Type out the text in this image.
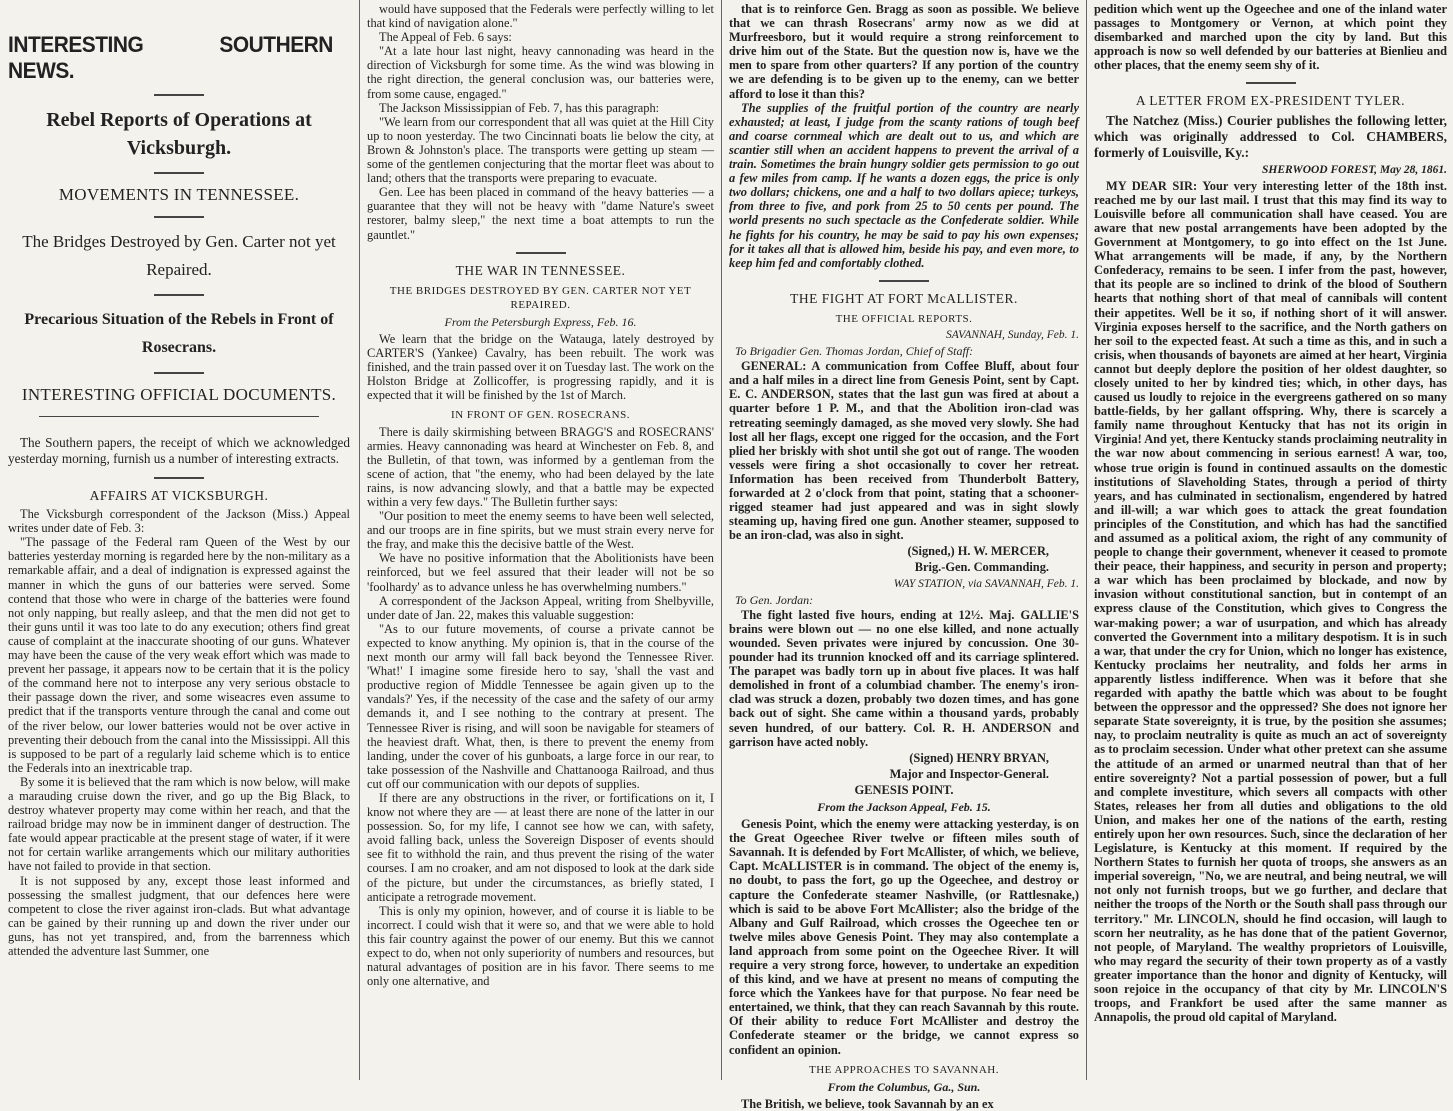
INTERESTING SOUTHERN NEWS.
Rebel Reports of Operations at Vicksburgh.
MOVEMENTS IN TENNESSEE.
The Bridges Destroyed by Gen. Carter not yet Repaired.
Precarious Situation of the Rebels in Front of Rosecrans.
INTERESTING OFFICIAL DOCUMENTS.
The Southern papers, the receipt of which we acknowledged yesterday morning, furnish us a number of interesting extracts.
AFFAIRS AT VICKSBURGH.

The Vicksburgh correspondent of the Jackson (Miss.) Appeal writes under date of Feb. 3:

"The passage of the Federal ram Queen of the West by our batteries yesterday morning is regarded here by the non-military as a remarkable affair, and a deal of indignation is expressed against the manner in which the guns of our batteries were served. Some contend that those who were in charge of the batteries were found not only napping, but really asleep, and that the men did not get to their guns until it was too late to do any execution; others find great cause of complaint at the inaccurate shooting of our guns. Whatever may have been the cause of the very weak effort which was made to prevent her passage, it appears now to be certain that it is the policy of the command here not to interpose any very serious obstacle to their passage down the river, and some wiseacres even assume to predict that if the transports venture through the canal and come out of the river below, our lower batteries would not be over active in preventing their debouch from the canal into the Mississippi. All this is supposed to be part of a regularly laid scheme which is to entice the Federals into an inextricable trap.

By some it is believed that the ram which is now below, will make a marauding cruise down the river, and go up the Big Black, to destroy whatever property may come within her reach, and that the railroad bridge may now be in imminent danger of destruction. The fate would appear practicable at the present stage of water, if it were not for certain warlike arrangements which our military authorities have not failed to provide in that section.

It is not supposed by any, except those least informed and possessing the smallest judgment, that our defences here were competent to close the river against iron-clads. But what advantage can be gained by their running up and down the river under our guns, has not yet transpired, and, from the barrenness which attended the adventure last Summer, one

would have supposed that the Federals were perfectly willing to let that kind of navigation alone."

The Appeal of Feb. 6 says:

"At a late hour last night, heavy cannonading was heard in the direction of Vicksburgh for some time. As the wind was blowing in the right direction, the general conclusion was, our batteries were, from some cause, engaged."

The Jackson Mississippian of Feb. 7, has this paragraph:

"We learn from our correspondent that all was quiet at the Hill City up to noon yesterday. The two Cincinnati boats lie below the city, at Brown & Johnston's place. The transports were getting up steam — some of the gentlemen conjecturing that the mortar fleet was about to land; others that the transports were preparing to evacuate.

Gen. Lee has been placed in command of the heavy batteries — a guarantee that they will not be heavy with "dame Nature's sweet restorer, balmy sleep," the next time a boat attempts to run the gauntlet."

THE WAR IN TENNESSEE.
THE BRIDGES DESTROYED BY GEN. CARTER NOT YET REPAIRED.
From the Petersburgh Express, Feb. 16.

We learn that the bridge on the Watauga, lately destroyed by CARTER'S (Yankee) Cavalry, has been rebuilt. The work was finished, and the train passed over it on Tuesday last. The work on the Holston Bridge at Zollicoffer, is progressing rapidly, and it is expected that it will be finished by the 1st of March.

IN FRONT OF GEN. ROSECRANS.

There is daily skirmishing between BRAGG'S and ROSECRANS' armies. Heavy cannonading was heard at Winchester on Feb. 8, and the Bulletin, of that town, was informed by a gentleman from the scene of action, that "the enemy, who had been delayed by the late rains, is now advancing slowly, and that a battle may be expected within a very few days." The Bulletin further says:

"Our position to meet the enemy seems to have been well selected, and our troops are in fine spirits, but we must strain every nerve for the fray, and make this the decisive battle of the West.

We have no positive information that the Abolitionists have been reinforced, but we feel assured that their leader will not be so 'foolhardy' as to advance unless he has overwhelming numbers."

A correspondent of the Jackson Appeal, writing from Shelbyville, under date of Jan. 22, makes this valuable suggestion:

"As to our future movements, of course a private cannot be expected to know anything. My opinion is, that in the course of the next month our army will fall back beyond the Tennessee River. 'What!' I imagine some fireside hero to say, 'shall the vast and productive region of Middle Tennessee be again given up to the vandals?' Yes, if the necessity of the case and the safety of our army demands it, and I see nothing to the contrary at present. The Tennessee River is rising, and will soon be navigable for steamers of the heaviest draft. What, then, is there to prevent the enemy from landing, under the cover of his gunboats, a large force in our rear, to take possession of the Nashville and Chattanooga Railroad, and thus cut off our communication with our depots of supplies.

If there are any obstructions in the river, or fortifications on it, I know not where they are — at least there are none of the latter in our possession. So, for my life, I cannot see how we can, with safety, avoid falling back, unless the Sovereign Disposer of events should see fit to withhold the rain, and thus prevent the rising of the water courses. I am no croaker, and am not disposed to look at the dark side of the picture, but under the circumstances, as briefly stated, I anticipate a retrograde movement.

This is only my opinion, however, and of course it is liable to be incorrect. I could wish that it were so, and that we were able to hold this fair country against the power of our enemy. But this we cannot expect to do, when not only superiority of numbers and resources, but natural advantages of position are in his favor. There seems to me only one alternative, and

that is to reinforce Gen. Bragg as soon as possible. We believe that we can thrash Rosecrans' army now as we did at Murfreesboro, but it would require a strong reinforcement to drive him out of the State. But the question now is, have we the men to spare from other quarters? If any portion of the country we are defending is to be given up to the enemy, can we better afford to lose it than this?

The supplies of the fruitful portion of the country are nearly exhausted; at least, I judge from the scanty rations of tough beef and coarse cornmeal which are dealt out to us, and which are scantier still when an accident happens to prevent the arrival of a train. Sometimes the brain hungry soldier gets permission to go out a few miles from camp. If he wants a dozen eggs, the price is only two dollars; chickens, one and a half to two dollars apiece; turkeys, from three to five, and pork from 25 to 50 cents per pound. The world presents no such spectacle as the Confederate soldier. While he fights for his country, he may be said to pay his own expenses; for it takes all that is allowed him, beside his pay, and even more, to keep him fed and comfortably clothed.

THE FIGHT AT FORT McALLISTER.
THE OFFICIAL REPORTS.
SAVANNAH, Sunday, Feb. 1.
To Brigadier Gen. Thomas Jordan, Chief of Staff:

GENERAL: A communication from Coffee Bluff, about four and a half miles in a direct line from Genesis Point, sent by Capt. E. C. ANDERSON, states that the last gun was fired at about a quarter before 1 P. M., and that the Abolition iron-clad was retreating seemingly damaged, as she moved very slowly. She had lost all her flags, except one rigged for the occasion, and the Fort plied her briskly with shot until she got out of range. The wooden vessels were firing a shot occasionally to cover her retreat. Information has been received from Thunderbolt Battery, forwarded at 2 o'clock from that point, stating that a schooner-rigged steamer had just appeared and was in sight slowly steaming up, having fired one gun. Another steamer, supposed to be an iron-clad, was also in sight.

(Signed,) H. W. MERCER,
Brig.-Gen. Commanding.
WAY STATION, via SAVANNAH, Feb. 1.
To Gen. Jordan:

The fight lasted five hours, ending at 12½. Maj. GALLIE'S brains were blown out — no one else killed, and none actually wounded. Seven privates were injured by concussion. One 30-pounder had its trunnion knocked off and its carriage splintered. The parapet was badly torn up in about five places. It was half demolished in front of a columbiad chamber. The enemy's iron-clad was struck a dozen, probably two dozen times, and has gone back out of sight. She came within a thousand yards, probably seven hundred, of our battery. Col. R. H. ANDERSON and garrison have acted nobly.

(Signed) HENRY BRYAN,
Major and Inspector-General.
GENESIS POINT.
From the Jackson Appeal, Feb. 15.

Genesis Point, which the enemy were attacking yesterday, is on the Great Ogeechee River twelve or fifteen miles south of Savannah. It is defended by Fort McAllister, of which, we believe, Capt. McALLISTER is in command. The object of the enemy is, no doubt, to pass the fort, go up the Ogeechee, and destroy or capture the Confederate steamer Nashville, (or Rattlesnake,) which is said to be above Fort McAllister; also the bridge of the Albany and Gulf Railroad, which crosses the Ogeechee ten or twelve miles above Genesis Point. They may also contemplate a land approach from some point on the Ogeechee River. It will require a very strong force, however, to undertake an expedition of this kind, and we have at present no means of computing the force which the Yankees have for that purpose. No fear need be entertained, we think, that they can reach Savannah by this route. Of their ability to reduce Fort McAllister and destroy the Confederate steamer or the bridge, we cannot express so confident an opinion.

THE APPROACHES TO SAVANNAH.
From the Columbus, Ga., Sun.

The British, we believe, took Savannah by an ex

pedition which went up the Ogeechee and one of the inland water passages to Montgomery or Vernon, at which point they disembarked and marched upon the city by land. But this approach is now so well defended by our batteries at Bienlieu and other places, that the enemy seem shy of it.

A LETTER FROM EX-PRESIDENT TYLER.

The Natchez (Miss.) Courier publishes the following letter, which was originally addressed to Col. CHAMBERS, formerly of Louisville, Ky.:

SHERWOOD FOREST, May 28, 1861.

MY DEAR SIR: Your very interesting letter of the 18th inst. reached me by our last mail. I trust that this may find its way to Louisville before all communication shall have ceased. You are aware that new postal arrangements have been adopted by the Government at Montgomery, to go into effect on the 1st June. What arrangements will be made, if any, by the Northern Confederacy, remains to be seen. I infer from the past, however, that its people are so inclined to drink of the blood of Southern hearts that nothing short of that meal of cannibals will content their appetites. Well be it so, if nothing short of it will answer. Virginia exposes herself to the sacrifice, and the North gathers on her soil to the expected feast. At such a time as this, and in such a crisis, when thousands of bayonets are aimed at her heart, Virginia cannot but deeply deplore the position of her oldest daughter, so closely united to her by kindred ties; which, in other days, has caused us loudly to rejoice in the evergreens gathered on so many battle-fields, by her gallant offspring. Why, there is scarcely a family name throughout Kentucky that has not its origin in Virginia! And yet, there Kentucky stands proclaiming neutrality in the war now about commencing in serious earnest! A war, too, whose true origin is found in continued assaults on the domestic institutions of Slaveholding States, through a period of thirty years, and has culminated in sectionalism, engendered by hatred and ill-will; a war which goes to attack the great foundation principles of the Constitution, and which has had the sanctified and assumed as a political axiom, the right of any community of people to change their government, whenever it ceased to promote their peace, their happiness, and security in person and property; a war which has been proclaimed by blockade, and now by invasion without constitutional sanction, but in contempt of an express clause of the Constitution, which gives to Congress the war-making power; a war of usurpation, and which has already converted the Government into a military despotism. It is in such a war, that under the cry for Union, which no longer has existence, Kentucky proclaims her neutrality, and folds her arms in apparently listless indifference. When was it before that she regarded with apathy the battle which was about to be fought between the oppressor and the oppressed? She does not ignore her separate State sovereignty, it is true, by the position she assumes; nay, to proclaim neutrality is quite as much an act of sovereignty as to proclaim secession. Under what other pretext can she assume the attitude of an armed or unarmed neutral than that of her entire sovereignty? Not a partial possession of power, but a full and complete investiture, which severs all compacts with other States, releases her from all duties and obligations to the old Union, and makes her one of the nations of the earth, resting entirely upon her own resources. Such, since the declaration of her Legislature, is Kentucky at this moment. If required by the Northern States to furnish her quota of troops, she answers as an imperial sovereign, "No, we are neutral, and being neutral, we will not only not furnish troops, but we go further, and declare that neither the troops of the North or the South shall pass through our territory." Mr. LINCOLN, should he find occasion, will laugh to scorn her neutrality, as he has done that of the patient Governor, not people, of Maryland. The wealthy proprietors of Louisville, who may regard the security of their town property as of a vastly greater importance than the honor and dignity of Kentucky, will soon rejoice in the occupancy of that city by Mr. LINCOLN'S troops, and Frankfort be used after the same manner as Annapolis, the proud old capital of Maryland.
